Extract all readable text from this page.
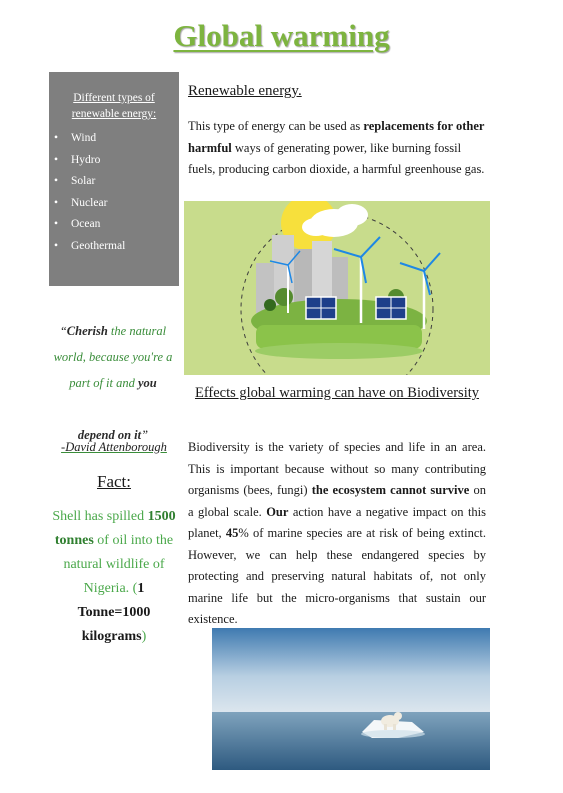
Global warming
Different types of renewable energy:
• Wind
• Hydro
• Solar
• Nuclear
• Ocean
• Geothermal
“Cherish the natural world, because you're a part of it and you

depend on it”
-David Attenborough
Fact:
Shell has spilled 1500 tonnes of oil into the natural wildlife of Nigeria. (1 Tonne=1000 kilograms)
Renewable energy.
This type of energy can be used as replacements for other harmful ways of generating power, like burning fossil fuels, producing carbon dioxide, a harmful greenhouse gas.
Effects global warming can have on Biodiversity
Biodiversity is the variety of species and life in an area. This is important because without so many contributing organisms (bees, fungi) the ecosystem cannot survive on a global scale. Our action have a negative impact on this planet, 45% of marine species are at risk of being extinct. However, we can help these endangered species by protecting and preserving natural habitats of, not only marine life but the micro-organisms that sustain our existence.
